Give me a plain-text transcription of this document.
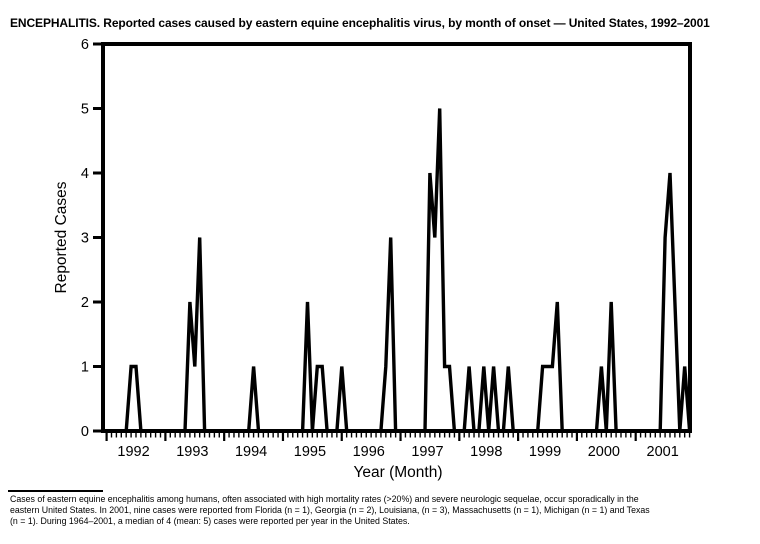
ENCEPHALITIS. Reported cases caused by eastern equine encephalitis virus, by month of onset — United States, 1992–2001
0
1
2
3
4
5
6
1992 1993 1994 1995 1996 1997 1998 1999 2000 2001
Year (Month)
Reported Cases
Cases of eastern equine encephalitis among humans, often associated with high mortality rates (>20%) and severe neurologic sequelae, occur sporadically in the
eastern United States. In 2001, nine cases were reported from Florida (n = 1), Georgia (n = 2), Louisiana, (n = 3), Massachusetts (n = 1), Michigan (n = 1) and Texas
(n = 1). During 1964–2001, a median of 4 (mean: 5) cases were reported per year in the United States.
